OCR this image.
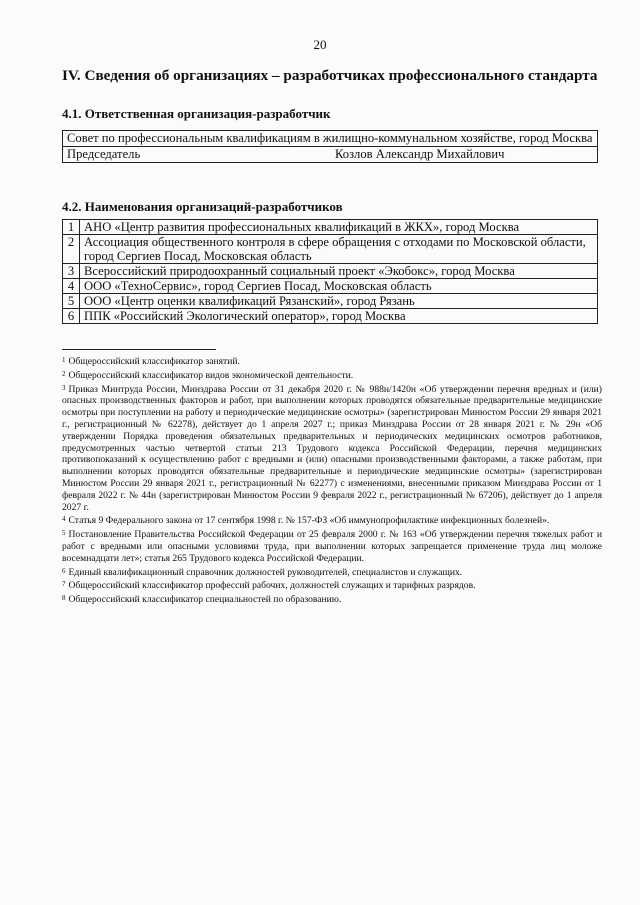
20
IV. Сведения об организациях – разработчиках профессионального стандарта
4.1. Ответственная организация-разработчик
Совет по профессиональным квалификациям в жилищно-коммунальном хозяйстве, город Москва

Председатель	Козлов Александр Михайлович
4.2. Наименования организаций-разработчиков
1	АНО «Центр развития профессиональных квалификаций в ЖКХ», город Москва
2	Ассоциация общественного контроля в сфере обращения с отходами по Московской области, город Сергиев Посад, Московская область
3	Всероссийский природоохранный социальный проект «Экобокс», город Москва
4	ООО «ТехноСервис», город Сергиев Посад, Московская область
5	ООО «Центр оценки квалификаций Рязанский», город Рязань
6	ППК «Российский Экологический оператор», город Москва

$^1$ Общероссийский классификатор занятий.

$^2$ Общероссийский классификатор видов экономической деятельности.

$^3$ Приказ Минтруда России, Минздрава России от 31 декабря 2020 г. № 988н/1420н «Об утверждении перечня вредных и (или) опасных производственных факторов и работ, при выполнении которых проводятся обязательные предварительные медицинские осмотры при поступлении на работу и периодические медицинские осмотры» (зарегистрирован Минюстом России 29 января 2021 г., регистрационный № 62278), действует до 1 апреля 2027 г.; приказ Минздрава России от 28 января 2021 г. № 29н «Об утверждении Порядка проведения обязательных предварительных и периодических медицинских осмотров работников, предусмотренных частью четвертой статьи 213 Трудового кодекса Российской Федерации, перечня медицинских противопоказаний к осуществлению работ с вредными и (или) опасными производственными факторами, а также работам, при выполнении которых проводятся обязательные предварительные и периодические медицинские осмотры» (зарегистрирован Минюстом России 29 января 2021 г., регистрационный № 62277) с изменениями, внесенными приказом Минздрава России от 1 февраля 2022 г. № 44н (зарегистрирован Минюстом России 9 февраля 2022 г., регистрационный № 67206), действует до 1 апреля 2027 г.

$^4$ Статья 9 Федерального закона от 17 сентября 1998 г. № 157-ФЗ «Об иммунопрофилактике инфекционных болезней».

$^5$ Постановление Правительства Российской Федерации от 25 февраля 2000 г. № 163 «Об утверждении перечня тяжелых работ и работ с вредными или опасными условиями труда, при выполнении которых запрещается применение труда лиц моложе восемнадцати лет»; статья 265 Трудового кодекса Российской Федерации.

$^6$ Единый квалификационный справочник должностей руководителей, специалистов и служащих.

$^7$ Общероссийский классификатор профессий рабочих, должностей служащих и тарифных разрядов.

$^8$ Общероссийский классификатор специальностей по образованию.
